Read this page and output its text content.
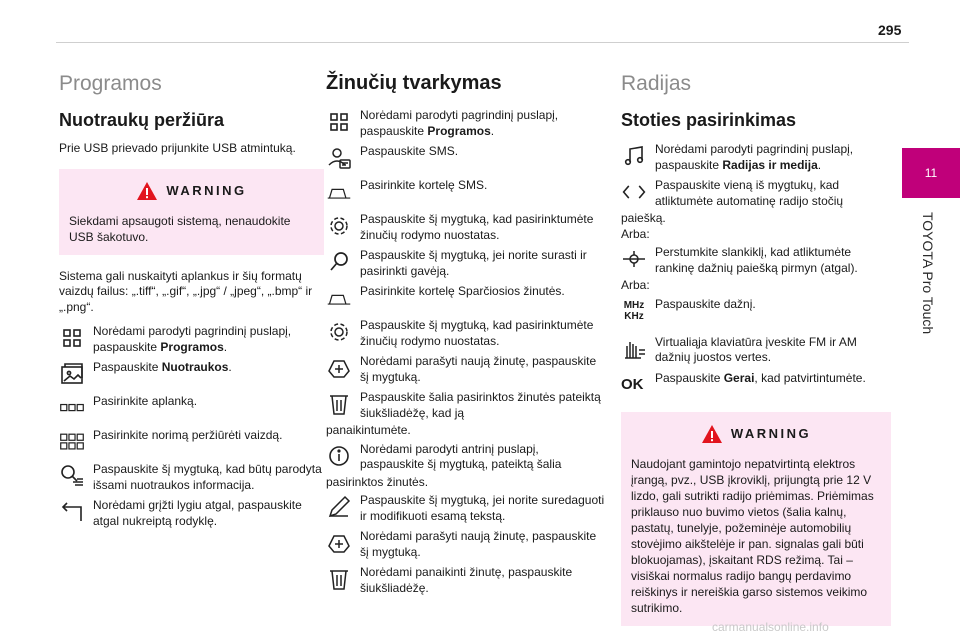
295
11
TOYOTA Pro Touch
Programos
Nuotraukų peržiūra

Prie USB prievado prijunkite USB atmintuką.

WARNING

Siekdami apsaugoti sistemą, nenaudokite USB šakotuvo.

Sistema gali nuskaityti aplankus ir šių formatų vaizdų failus: „.tiff“, „.gif“, „.jpg“ / „jpeg“, „.bmp“ ir „.png“.

Norėdami parodyti pagrindinį puslapį, paspauskite Programos.
Paspauskite Nuotraukos.
Pasirinkite aplanką.
Pasirinkite norimą peržiūrėti vaizdą.
Paspauskite šį mygtuką, kad būtų parodyta išsami nuotraukos informacija.
Norėdami grįžti lygiu atgal, paspauskite atgal nukreiptą rodyklę.
Žinučių tvarkymas
Norėdami parodyti pagrindinį puslapį, paspauskite Programos.
Paspauskite SMS.
Pasirinkite kortelę SMS.
Paspauskite šį mygtuką, kad pasirinktumėte žinučių rodymo nuostatas.
Paspauskite šį mygtuką, jei norite surasti ir pasirinkti gavėją.
Pasirinkite kortelę Sparčiosios žinutės.
Paspauskite šį mygtuką, kad pasirinktumėte žinučių rodymo nuostatas.
Norėdami parašyti naują žinutę, paspauskite šį mygtuką.
Paspauskite šalia pasirinktos žinutės pateiktą šiukšliadėžę, kad ją
panaikintumėte.
Norėdami parodyti antrinį puslapį, paspauskite šį mygtuką, pateiktą šalia
pasirinktos žinutės.
Paspauskite šį mygtuką, jei norite suredaguoti ir modifikuoti esamą tekstą.
Norėdami parašyti naują žinutę, paspauskite šį mygtuką.
Norėdami panaikinti žinutę, paspauskite šiukšliadėžę.
Radijas
Stoties pasirinkimas
Norėdami parodyti pagrindinį puslapį, paspauskite Radijas ir medija.
Paspauskite vieną iš mygtukų, kad atliktumėte automatinę radijo stočių
paiešką.
Arba:
Perstumkite slankiklį, kad atliktumėte rankinę dažnių paiešką pirmyn (atgal).
Arba:
MHz
KHz
Paspauskite dažnį.
Virtualiąja klaviatūra įveskite FM ir AM dažnių juostos vertes.
OK Paspauskite Gerai, kad patvirtintumėte.
WARNING

Naudojant gamintojo nepatvirtintą elektros įrangą, pvz., USB įkroviklį, prijungtą prie 12 V lizdo, gali sutrikti radijo priėmimas. Priėmimas priklauso nuo buvimo vietos (šalia kalnų, pastatų, tunelyje, požeminėje automobilių stovėjimo aikštelėje ir pan. signalas gali būti blokuojamas), įskaitant RDS režimą. Tai – visiškai normalus radijo bangų perdavimo reiškinys ir nereiškia garso sistemos veikimo sutrikimo.

carmanualsonline.info
